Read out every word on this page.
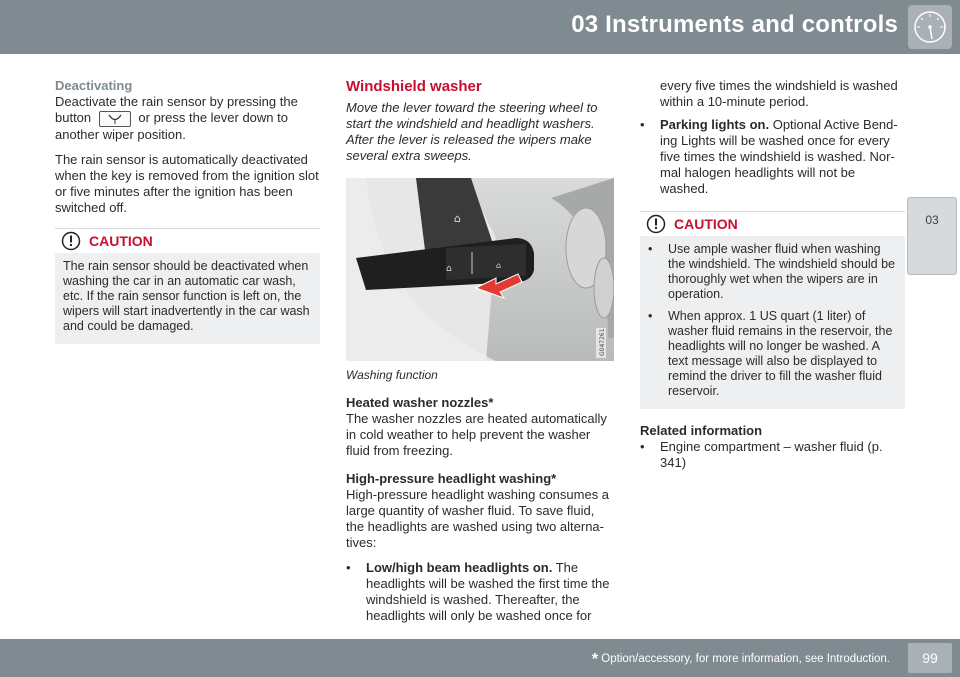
03 Instruments and controls
03

Deactivating

Deactivate the rain sensor by pressing the button	or press the lever down to another wiper position.

The rain sensor is automatically deactivated when the key is removed from the ignition slot or five minutes after the ignition has been switched off.

CAUTION
The rain sensor should be deactivated when washing the car in an automatic car wash, etc. If the rain sensor function is left on, the wipers will start inadvertently in the car wash and could be damaged.

Windshield washer

Move the lever toward the steering wheel to start the windshield and headlight washers. After the lever is released the wipers make several extra sweeps.

⌂
⌂	⌂
G047261

Washing function

Heated washer nozzles*

The washer nozzles are heated automatically in cold weather to help prevent the washer fluid from freezing.

High-pressure headlight washing*

High-pressure headlight washing consumes a large quantity of washer fluid. To save fluid, the headlights are washed using two alterna-tives:

•	Low/high beam headlights on. The headlights will be washed the first time the windshield is washed. Thereafter, the headlights will only be washed once for
every five times the windshield is washed within a 10-minute period.
•	Parking lights on. Optional Active Bend-ing Lights will be washed once for every five times the windshield is washed. Nor-mal halogen headlights will not be washed.
CAUTION
•	Use ample washer fluid when washing the windshield. The windshield should be thoroughly wet when the wipers are in operation.
•	When approx. 1 US quart (1 liter) of washer fluid remains in the reservoir, the headlights will no longer be washed. A text message will also be displayed to remind the driver to fill the washer fluid reservoir.

Related information

•	Engine compartment – washer fluid (p. 341)
* Option/accessory, for more information, see Introduction.	99
